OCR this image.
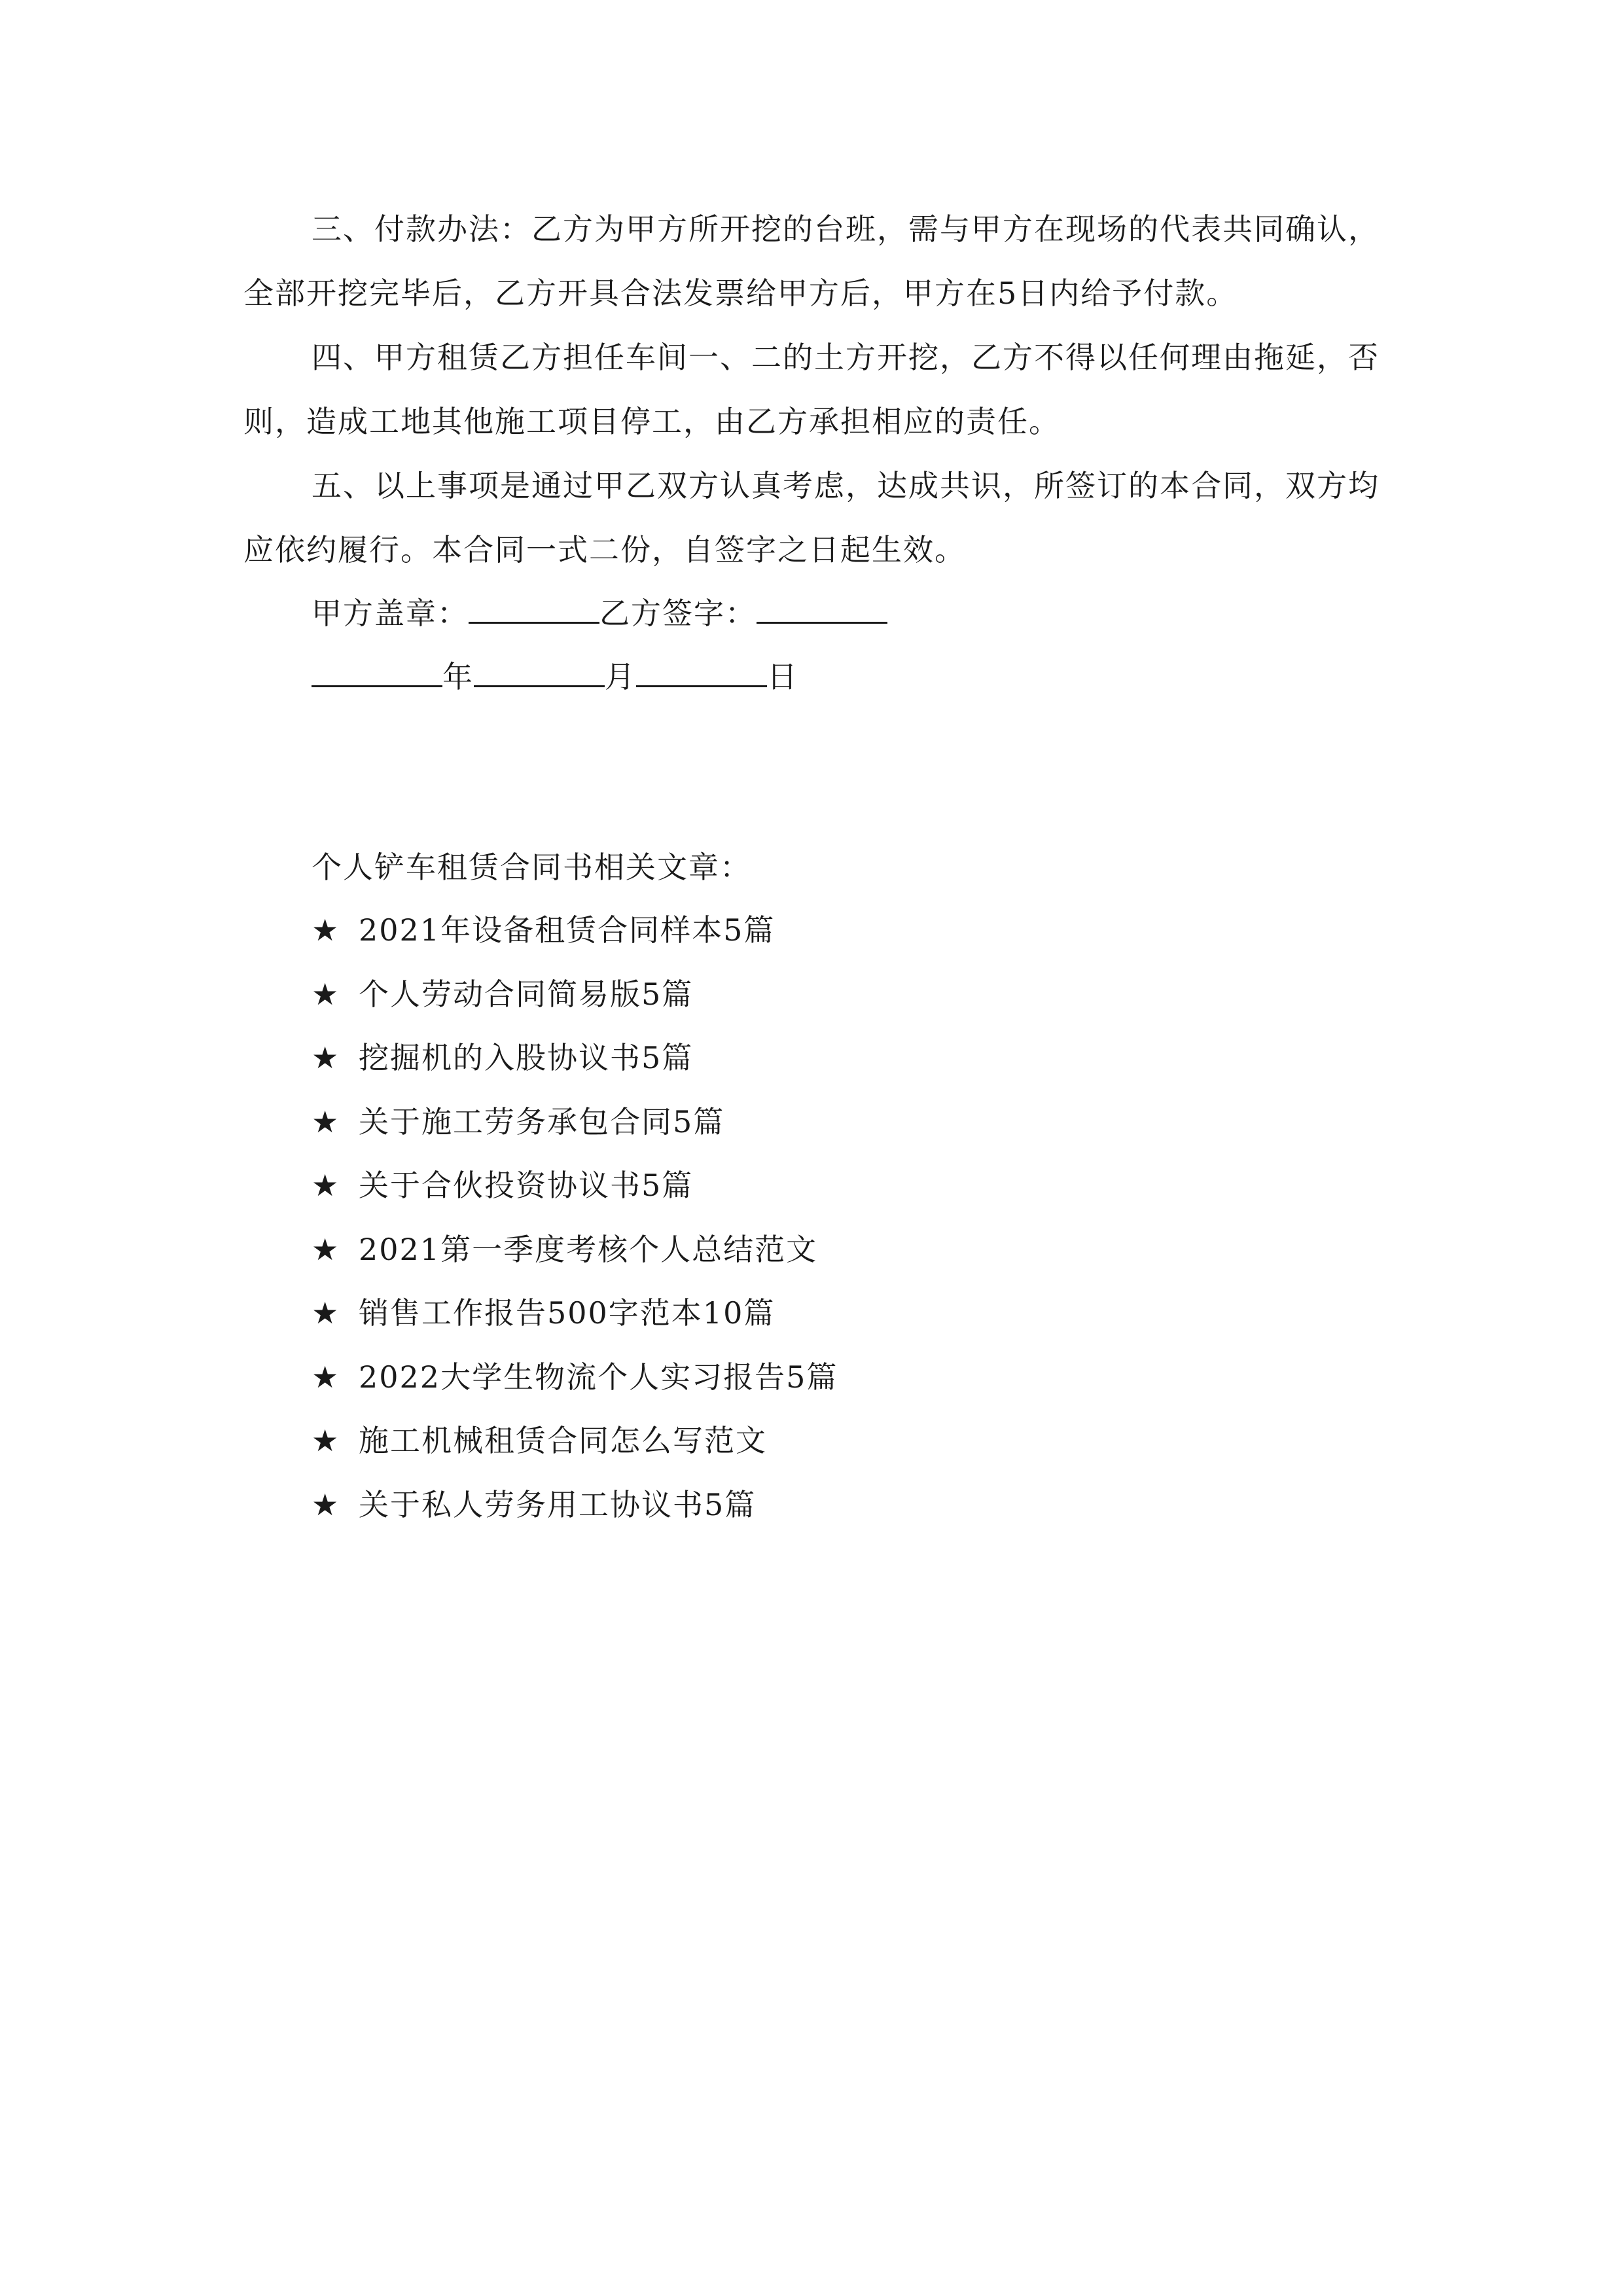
三、付款办法：乙方为甲方所开挖的台班，需与甲方在现场的代表共同确认，全部开挖完毕后，乙方开具合法发票给甲方后，甲方在5日内给予付款。

四、甲方租赁乙方担任车间一、二的土方开挖，乙方不得以任何理由拖延，否则，造成工地其他施工项目停工，由乙方承担相应的责任。

五、以上事项是通过甲乙双方认真考虑，达成共识，所签订的本合同，双方均应依约履行。本合同一式二份，自签字之日起生效。

甲方盖章：	乙方签字：

年	月	日

个人铲车租赁合同书相关文章：

★ 2021年设备租赁合同样本5篇
★ 个人劳动合同简易版5篇
★ 挖掘机的入股协议书5篇
★ 关于施工劳务承包合同5篇
★ 关于合伙投资协议书5篇
★ 2021第一季度考核个人总结范文
★ 销售工作报告500字范本10篇
★ 2022大学生物流个人实习报告5篇
★ 施工机械租赁合同怎么写范文
★ 关于私人劳务用工协议书5篇
